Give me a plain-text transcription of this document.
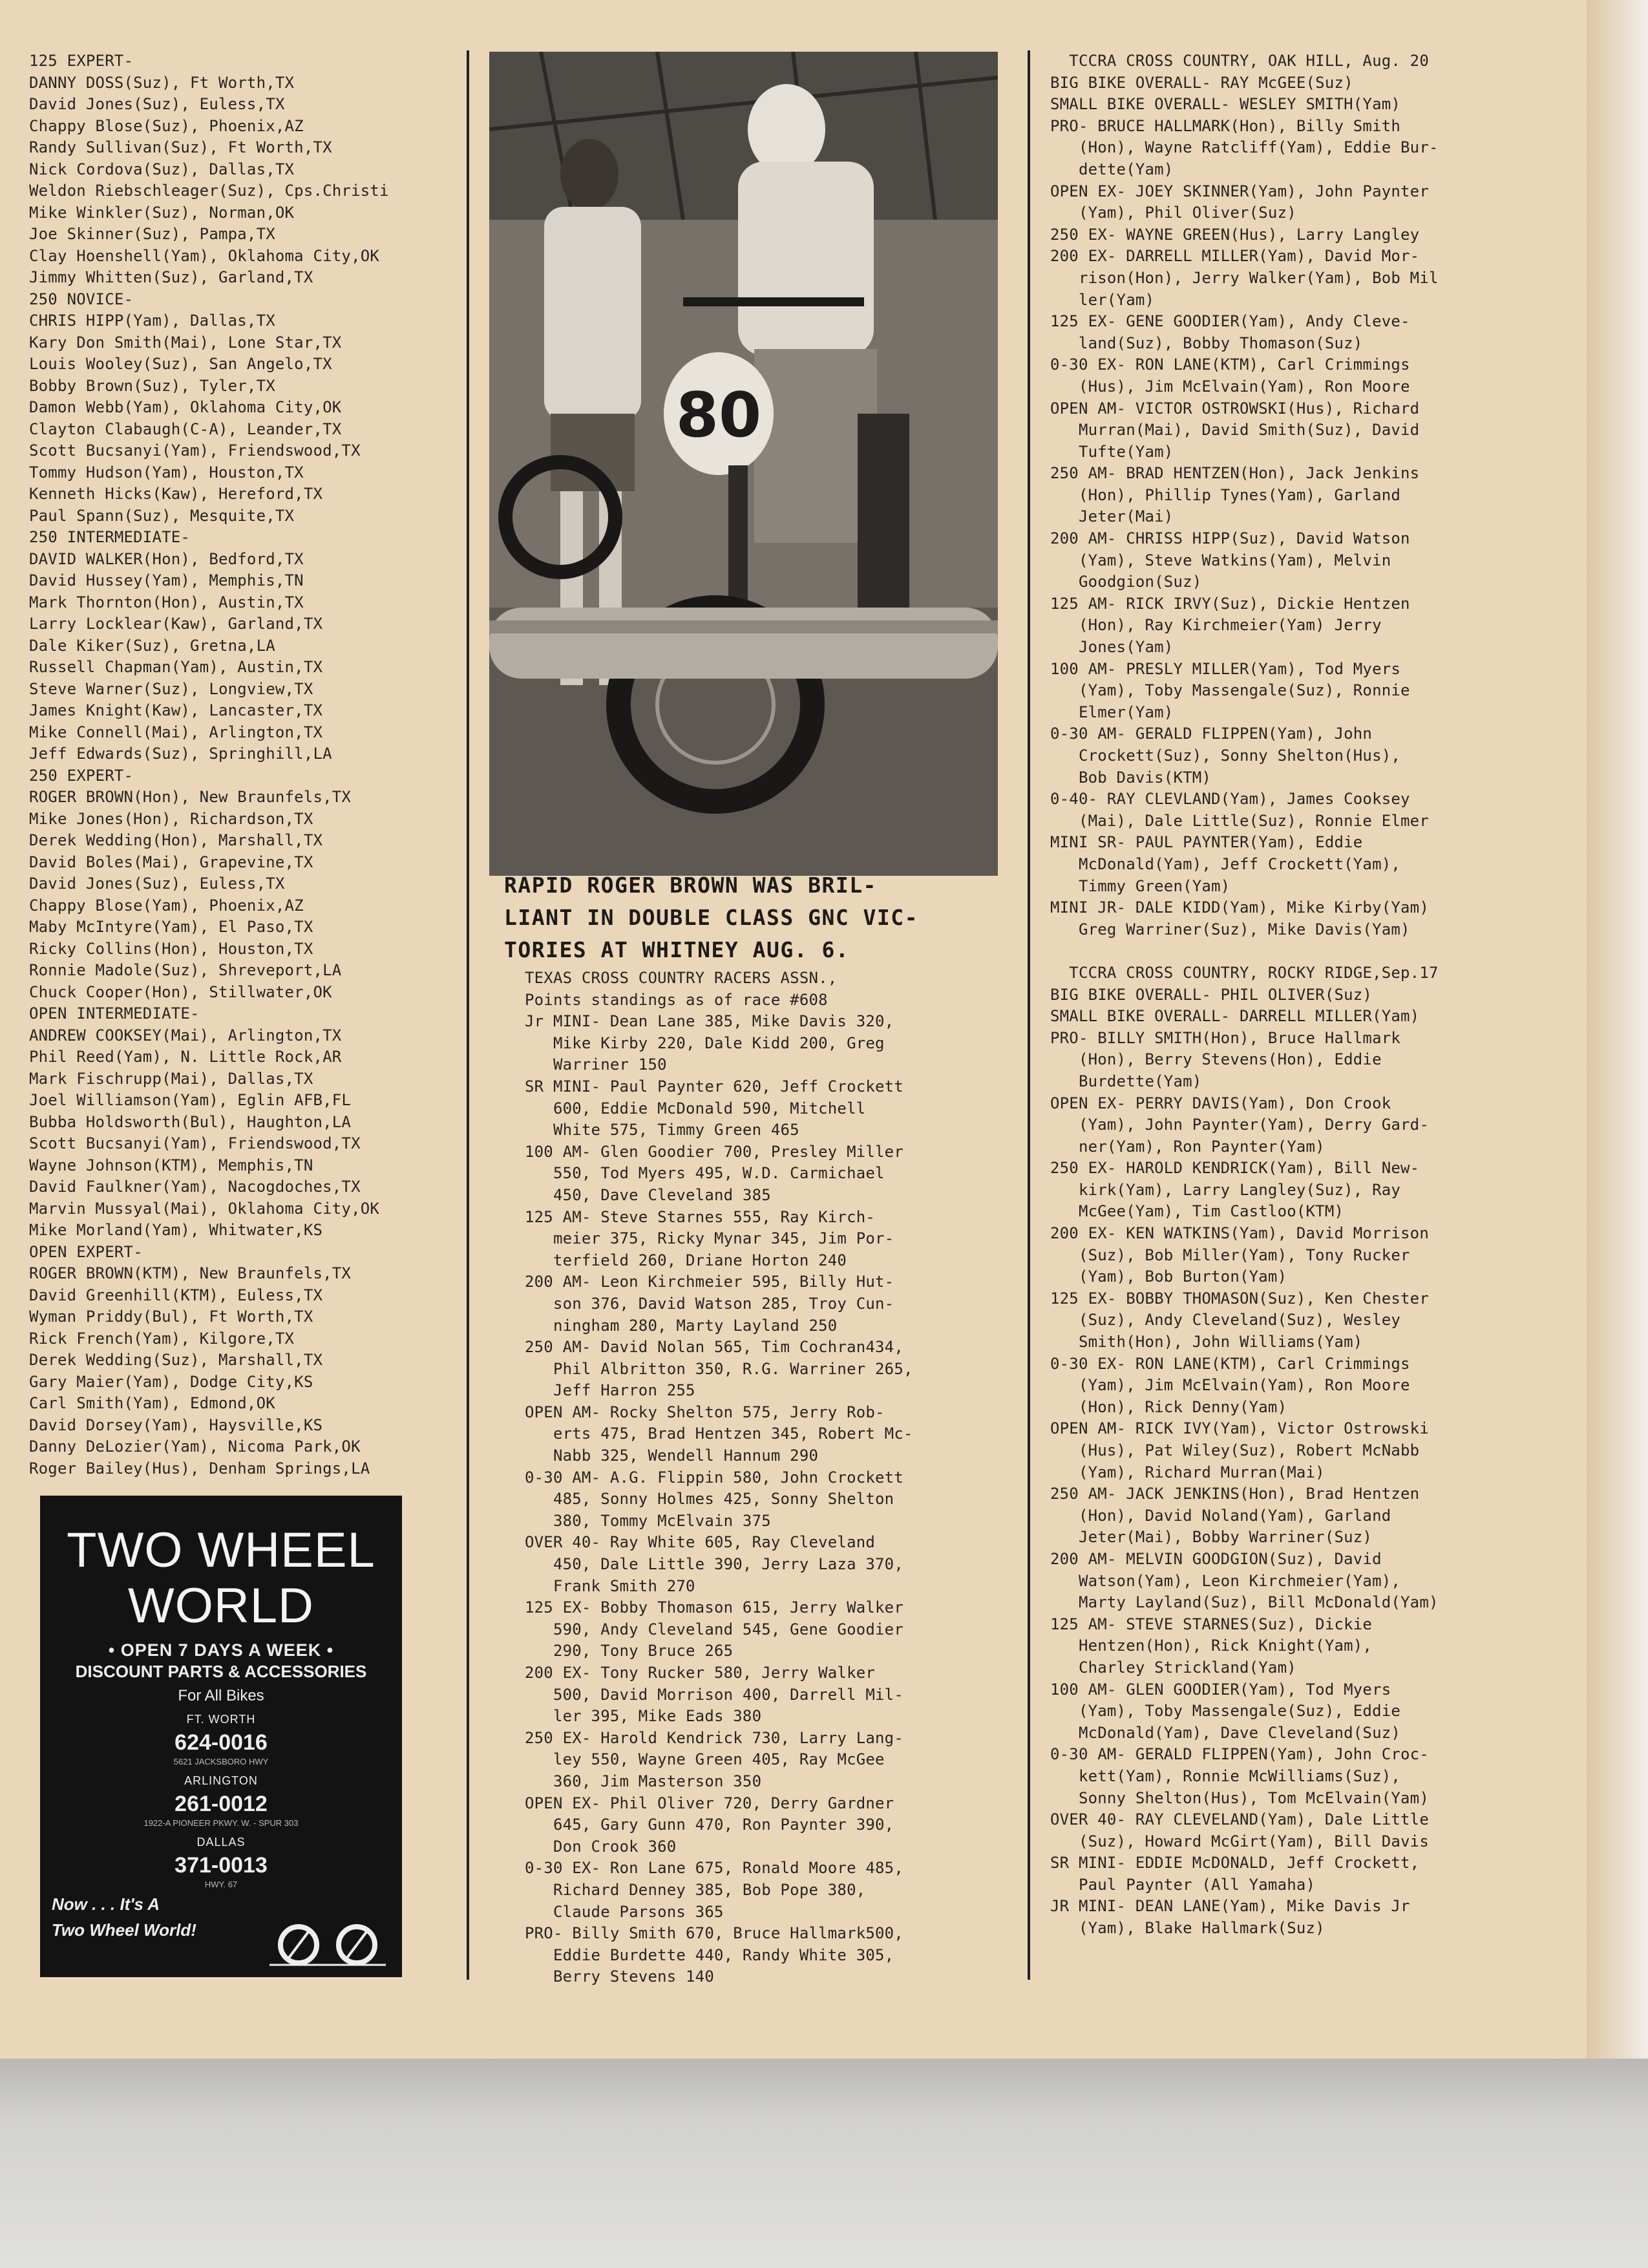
125 EXPERT-
DANNY DOSS(Suz), Ft Worth,TX
David Jones(Suz), Euless,TX
Chappy Blose(Suz), Phoenix,AZ
Randy Sullivan(Suz), Ft Worth,TX
Nick Cordova(Suz), Dallas,TX
Weldon Riebschleager(Suz), Cps.Christi
Mike Winkler(Suz), Norman,OK
Joe Skinner(Suz), Pampa,TX
Clay Hoenshell(Yam), Oklahoma City,OK
Jimmy Whitten(Suz), Garland,TX
250 NOVICE-
CHRIS HIPP(Yam), Dallas,TX
Kary Don Smith(Mai), Lone Star,TX
Louis Wooley(Suz), San Angelo,TX
Bobby Brown(Suz), Tyler,TX
Damon Webb(Yam), Oklahoma City,OK
Clayton Clabaugh(C-A), Leander,TX
Scott Bucsanyi(Yam), Friendswood,TX
Tommy Hudson(Yam), Houston,TX
Kenneth Hicks(Kaw), Hereford,TX
Paul Spann(Suz), Mesquite,TX
250 INTERMEDIATE-
DAVID WALKER(Hon), Bedford,TX
David Hussey(Yam), Memphis,TN
Mark Thornton(Hon), Austin,TX
Larry Locklear(Kaw), Garland,TX
Dale Kiker(Suz), Gretna,LA
Russell Chapman(Yam), Austin,TX
Steve Warner(Suz), Longview,TX
James Knight(Kaw), Lancaster,TX
Mike Connell(Mai), Arlington,TX
Jeff Edwards(Suz), Springhill,LA
250 EXPERT-
ROGER BROWN(Hon), New Braunfels,TX
Mike Jones(Hon), Richardson,TX
Derek Wedding(Hon), Marshall,TX
David Boles(Mai), Grapevine,TX
David Jones(Suz), Euless,TX
Chappy Blose(Yam), Phoenix,AZ
Maby McIntyre(Yam), El Paso,TX
Ricky Collins(Hon), Houston,TX
Ronnie Madole(Suz), Shreveport,LA
Chuck Cooper(Hon), Stillwater,OK
OPEN INTERMEDIATE-
ANDREW COOKSEY(Mai), Arlington,TX
Phil Reed(Yam), N. Little Rock,AR
Mark Fischrupp(Mai), Dallas,TX
Joel Williamson(Yam), Eglin AFB,FL
Bubba Holdsworth(Bul), Haughton,LA
Scott Bucsanyi(Yam), Friendswood,TX
Wayne Johnson(KTM), Memphis,TN
David Faulkner(Yam), Nacogdoches,TX
Marvin Mussyal(Mai), Oklahoma City,OK
Mike Morland(Yam), Whitwater,KS
OPEN EXPERT-
ROGER BROWN(KTM), New Braunfels,TX
David Greenhill(KTM), Euless,TX
Wyman Priddy(Bul), Ft Worth,TX
Rick French(Yam), Kilgore,TX
Derek Wedding(Suz), Marshall,TX
Gary Maier(Yam), Dodge City,KS
Carl Smith(Yam), Edmond,OK
David Dorsey(Yam), Haysville,KS
Danny DeLozier(Yam), Nicoma Park,OK
Roger Bailey(Hus), Denham Springs,LA
80
RAPID ROGER BROWN WAS BRIL-
LIANT IN DOUBLE CLASS GNC VIC-
TORIES AT WHITNEY AUG. 6.
TEXAS CROSS COUNTRY RACERS ASSN.,
Points standings as of race #608
Jr MINI- Dean Lane 385, Mike Davis 320,
Mike Kirby 220, Dale Kidd 200, Greg
Warriner 150
SR MINI- Paul Paynter 620, Jeff Crockett
600, Eddie McDonald 590, Mitchell
White 575, Timmy Green 465
100 AM- Glen Goodier 700, Presley Miller
550, Tod Myers 495, W.D. Carmichael
450, Dave Cleveland 385
125 AM- Steve Starnes 555, Ray Kirch-
meier 375, Ricky Mynar 345, Jim Por-
terfield 260, Driane Horton 240
200 AM- Leon Kirchmeier 595, Billy Hut-
son 376, David Watson 285, Troy Cun-
ningham 280, Marty Layland 250
250 AM- David Nolan 565, Tim Cochran434,
Phil Albritton 350, R.G. Warriner 265,
Jeff Harron 255
OPEN AM- Rocky Shelton 575, Jerry Rob-
erts 475, Brad Hentzen 345, Robert Mc-
Nabb 325, Wendell Hannum 290
0-30 AM- A.G. Flippin 580, John Crockett
485, Sonny Holmes 425, Sonny Shelton
380, Tommy McElvain 375
OVER 40- Ray White 605, Ray Cleveland
450, Dale Little 390, Jerry Laza 370,
Frank Smith 270
125 EX- Bobby Thomason 615, Jerry Walker
590, Andy Cleveland 545, Gene Goodier
290, Tony Bruce 265
200 EX- Tony Rucker 580, Jerry Walker
500, David Morrison 400, Darrell Mil-
ler 395, Mike Eads 380
250 EX- Harold Kendrick 730, Larry Lang-
ley 550, Wayne Green 405, Ray McGee
360, Jim Masterson 350
OPEN EX- Phil Oliver 720, Derry Gardner
645, Gary Gunn 470, Ron Paynter 390,
Don Crook 360
0-30 EX- Ron Lane 675, Ronald Moore 485,
Richard Denney 385, Bob Pope 380,
Claude Parsons 365
PRO- Billy Smith 670, Bruce Hallmark500,
Eddie Burdette 440, Randy White 305,
Berry Stevens 140
TCCRA CROSS COUNTRY, OAK HILL, Aug. 20
BIG BIKE OVERALL- RAY McGEE(Suz)
SMALL BIKE OVERALL- WESLEY SMITH(Yam)
PRO- BRUCE HALLMARK(Hon), Billy Smith
(Hon), Wayne Ratcliff(Yam), Eddie Bur-
dette(Yam)
OPEN EX- JOEY SKINNER(Yam), John Paynter
(Yam), Phil Oliver(Suz)
250 EX- WAYNE GREEN(Hus), Larry Langley
200 EX- DARRELL MILLER(Yam), David Mor-
rison(Hon), Jerry Walker(Yam), Bob Mil
ler(Yam)
125 EX- GENE GOODIER(Yam), Andy Cleve-
land(Suz), Bobby Thomason(Suz)
0-30 EX- RON LANE(KTM), Carl Crimmings
(Hus), Jim McElvain(Yam), Ron Moore
OPEN AM- VICTOR OSTROWSKI(Hus), Richard
Murran(Mai), David Smith(Suz), David
Tufte(Yam)
250 AM- BRAD HENTZEN(Hon), Jack Jenkins
(Hon), Phillip Tynes(Yam), Garland
Jeter(Mai)
200 AM- CHRISS HIPP(Suz), David Watson
(Yam), Steve Watkins(Yam), Melvin
Goodgion(Suz)
125 AM- RICK IRVY(Suz), Dickie Hentzen
(Hon), Ray Kirchmeier(Yam) Jerry
Jones(Yam)
100 AM- PRESLY MILLER(Yam), Tod Myers
(Yam), Toby Massengale(Suz), Ronnie
Elmer(Yam)
0-30 AM- GERALD FLIPPEN(Yam), John
Crockett(Suz), Sonny Shelton(Hus),
Bob Davis(KTM)
0-40- RAY CLEVLAND(Yam), James Cooksey
(Mai), Dale Little(Suz), Ronnie Elmer
MINI SR- PAUL PAYNTER(Yam), Eddie
McDonald(Yam), Jeff Crockett(Yam),
Timmy Green(Yam)
MINI JR- DALE KIDD(Yam), Mike Kirby(Yam)
Greg Warriner(Suz), Mike Davis(Yam)
TCCRA CROSS COUNTRY, ROCKY RIDGE,Sep.17
BIG BIKE OVERALL- PHIL OLIVER(Suz)
SMALL BIKE OVERALL- DARRELL MILLER(Yam)
PRO- BILLY SMITH(Hon), Bruce Hallmark
(Hon), Berry Stevens(Hon), Eddie
Burdette(Yam)
OPEN EX- PERRY DAVIS(Yam), Don Crook
(Yam), John Paynter(Yam), Derry Gard-
ner(Yam), Ron Paynter(Yam)
250 EX- HAROLD KENDRICK(Yam), Bill New-
kirk(Yam), Larry Langley(Suz), Ray
McGee(Yam), Tim Castloo(KTM)
200 EX- KEN WATKINS(Yam), David Morrison
(Suz), Bob Miller(Yam), Tony Rucker
(Yam), Bob Burton(Yam)
125 EX- BOBBY THOMASON(Suz), Ken Chester
(Suz), Andy Cleveland(Suz), Wesley
Smith(Hon), John Williams(Yam)
0-30 EX- RON LANE(KTM), Carl Crimmings
(Yam), Jim McElvain(Yam), Ron Moore
(Hon), Rick Denny(Yam)
OPEN AM- RICK IVY(Yam), Victor Ostrowski
(Hus), Pat Wiley(Suz), Robert McNabb
(Yam), Richard Murran(Mai)
250 AM- JACK JENKINS(Hon), Brad Hentzen
(Hon), David Noland(Yam), Garland
Jeter(Mai), Bobby Warriner(Suz)
200 AM- MELVIN GOODGION(Suz), David
Watson(Yam), Leon Kirchmeier(Yam),
Marty Layland(Suz), Bill McDonald(Yam)
125 AM- STEVE STARNES(Suz), Dickie
Hentzen(Hon), Rick Knight(Yam),
Charley Strickland(Yam)
100 AM- GLEN GOODIER(Yam), Tod Myers
(Yam), Toby Massengale(Suz), Eddie
McDonald(Yam), Dave Cleveland(Suz)
0-30 AM- GERALD FLIPPEN(Yam), John Croc-
kett(Yam), Ronnie McWilliams(Suz),
Sonny Shelton(Hus), Tom McElvain(Yam)
OVER 40- RAY CLEVELAND(Yam), Dale Little
(Suz), Howard McGirt(Yam), Bill Davis
SR MINI- EDDIE McDONALD, Jeff Crockett,
Paul Paynter (All Yamaha)
JR MINI- DEAN LANE(Yam), Mike Davis Jr
(Yam), Blake Hallmark(Suz)
TWO WHEEL
WORLD
• OPEN 7 DAYS A WEEK •
DISCOUNT PARTS & ACCESSORIES
For All Bikes
FT. WORTH
624-0016
5621 JACKSBORO HWY
ARLINGTON
261-0012
1922-A PIONEER PKWY. W. - SPUR 303
DALLAS
371-0013
HWY. 67
Now . . . It's A
Two Wheel World!
